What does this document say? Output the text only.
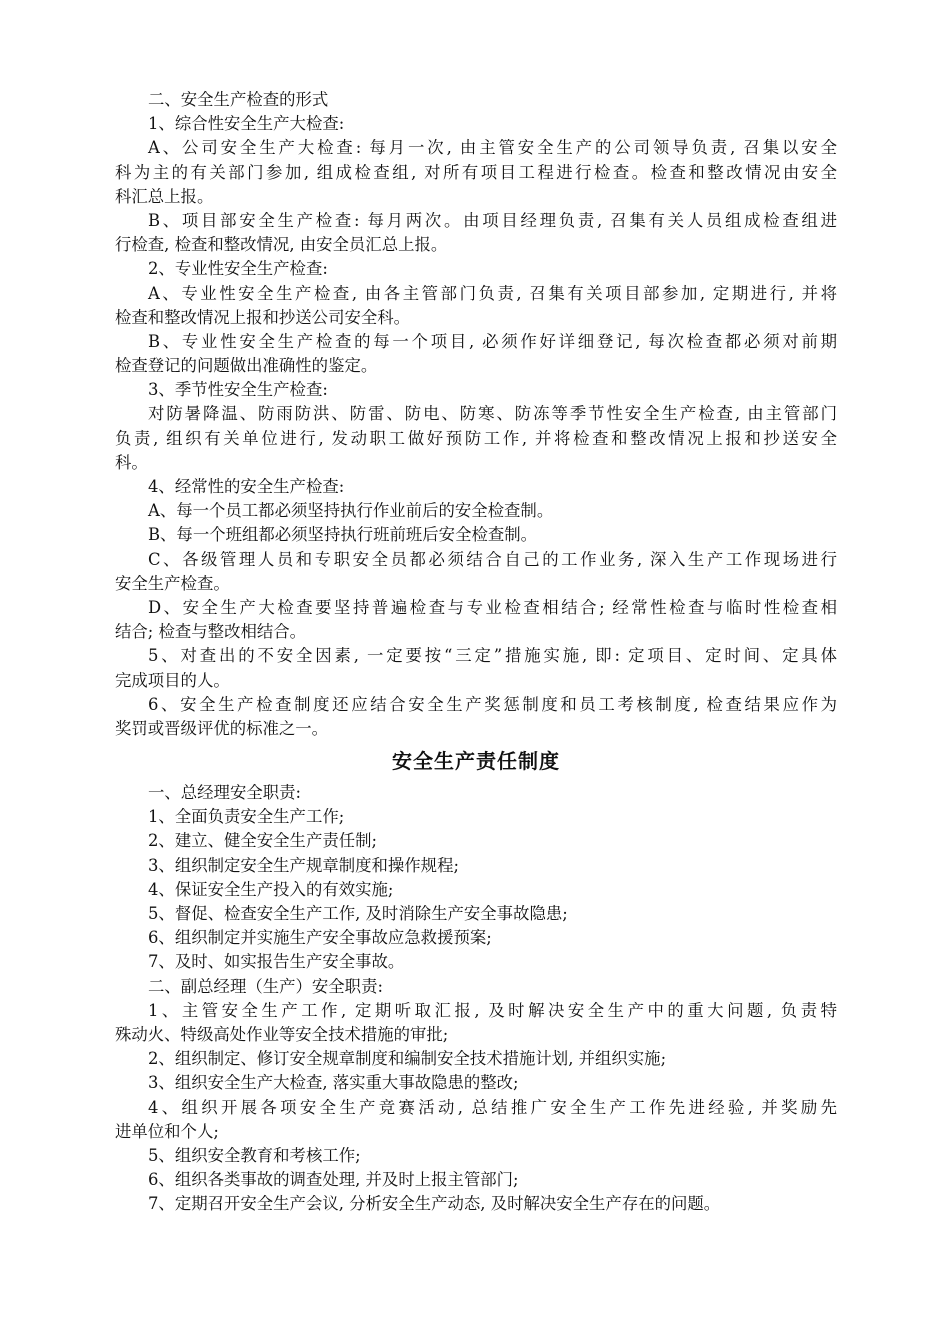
二、安全生产检查的形式
1、综合性安全生产大检查:
A、公司安全生产大检查: 每月一次, 由主管安全生产的公司领导负责, 召集以安全
科为主的有关部门参加, 组成检查组, 对所有项目工程进行检查。检查和整改情况由安全
科汇总上报。
B、项目部安全生产检查: 每月两次。由项目经理负责, 召集有关人员组成检查组进
行检查, 检查和整改情况, 由安全员汇总上报。
2、专业性安全生产检查:
A、专业性安全生产检查, 由各主管部门负责, 召集有关项目部参加, 定期进行, 并将
检查和整改情况上报和抄送公司安全科。
B、专业性安全生产检查的每一个项目, 必须作好详细登记, 每次检查都必须对前期
检查登记的问题做出准确性的鉴定。
3、季节性安全生产检查:
对防暑降温、防雨防洪、防雷、防电、防寒、防冻等季节性安全生产检查, 由主管部门
负责, 组织有关单位进行, 发动职工做好预防工作, 并将检查和整改情况上报和抄送安全
科。
4、经常性的安全生产检查:
A、每一个员工都必须坚持执行作业前后的安全检查制。
B、每一个班组都必须坚持执行班前班后安全检查制。
C、各级管理人员和专职安全员都必须结合自己的工作业务, 深入生产工作现场进行
安全生产检查。
D、安全生产大检查要坚持普遍检查与专业检查相结合; 经常性检查与临时性检查相
结合; 检查与整改相结合。
5、对查出的不安全因素, 一定要按“三定”措施实施, 即: 定项目、定时间、定具体
完成项目的人。
6、安全生产检查制度还应结合安全生产奖惩制度和员工考核制度, 检查结果应作为
奖罚或晋级评优的标准之一。
安全生产责任制度
一、总经理安全职责:
1、全面负责安全生产工作;
2、建立、健全安全生产责任制;
3、组织制定安全生产规章制度和操作规程;
4、保证安全生产投入的有效实施;
5、督促、检查安全生产工作, 及时消除生产安全事故隐患;
6、组织制定并实施生产安全事故应急救援预案;
7、及时、如实报告生产安全事故。
二、副总经理（生产）安全职责:
1、主管安全生产工作, 定期听取汇报, 及时解决安全生产中的重大问题, 负责特
殊动火、特级高处作业等安全技术措施的审批;
2、组织制定、修订安全规章制度和编制安全技术措施计划, 并组织实施;
3、组织安全生产大检查, 落实重大事故隐患的整改;
4、组织开展各项安全生产竞赛活动, 总结推广安全生产工作先进经验, 并奖励先
进单位和个人;
5、组织安全教育和考核工作;
6、组织各类事故的调查处理, 并及时上报主管部门;
7、定期召开安全生产会议, 分析安全生产动态, 及时解决安全生产存在的问题。
